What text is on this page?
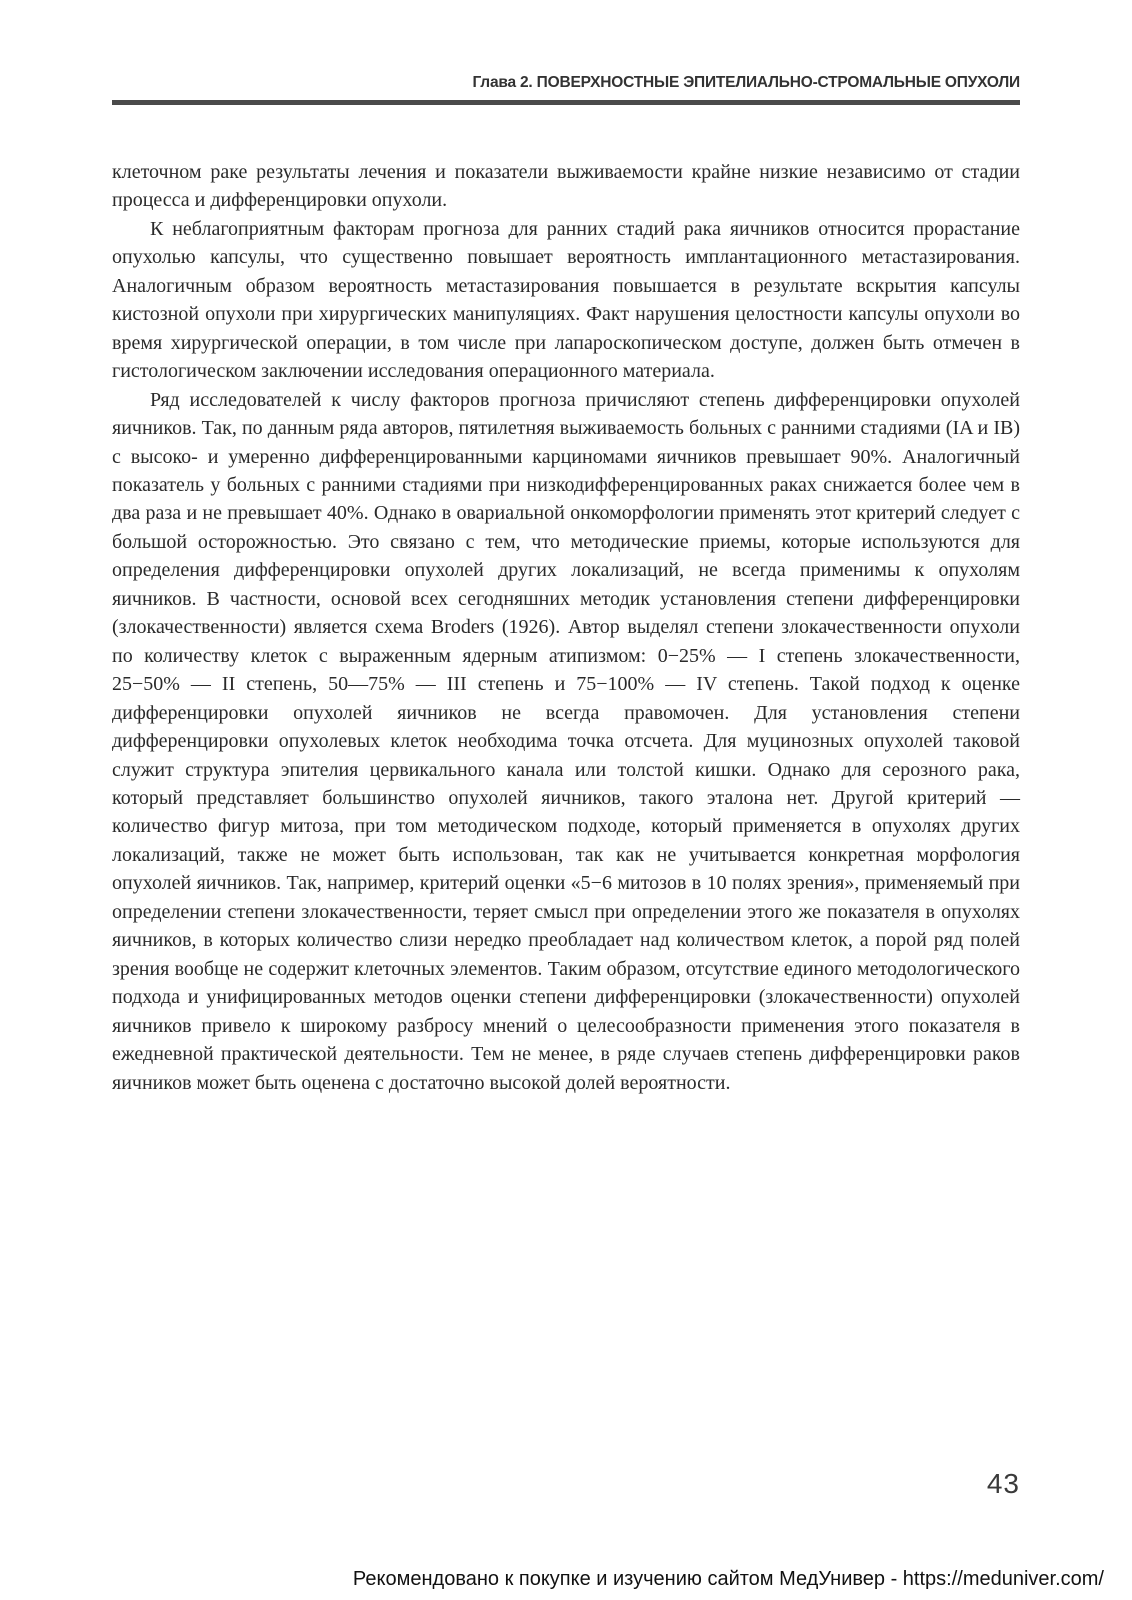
Глава 2. ПОВЕРХНОСТНЫЕ ЭПИТЕЛИАЛЬНО-СТРОМАЛЬНЫЕ ОПУХОЛИ

клеточном раке результаты лечения и показатели выживаемости крайне низкие независимо от стадии процесса и дифференцировки опухоли.

К неблагоприятным факторам прогноза для ранних стадий рака яичников относится прорастание опухолью капсулы, что существенно повышает вероятность имплантационного метастазирования. Аналогичным образом вероятность метастазирования повышается в результате вскрытия капсулы кистозной опухоли при хирургических манипуляциях. Факт нарушения целостности капсулы опухоли во время хирургической операции, в том числе при лапароскопическом доступе, должен быть отмечен в гистологическом заключении исследования операционного материала.

Ряд исследователей к числу факторов прогноза причисляют степень дифференцировки опухолей яичников. Так, по данным ряда авторов, пятилетняя выживаемость больных с ранними стадиями (IA и IB) с высоко- и умеренно дифференцированными карциномами яичников превышает 90%. Аналогичный показатель у больных с ранними стадиями при низкодифференцированных раках снижается более чем в два раза и не превышает 40%. Однако в овариальной онкоморфологии применять этот критерий следует с большой осторожностью. Это связано с тем, что методические приемы, которые используются для определения дифференцировки опухолей других локализаций, не всегда применимы к опухолям яичников. В частности, основой всех сегодняшних методик установления степени дифференцировки (злокачественности) является схема Broders (1926). Автор выделял степени злокачественности опухоли по количеству клеток с выраженным ядерным атипизмом: 0−25% — I степень злокачественности, 25−50% — II степень, 50—75% — III степень и 75−100% — IV степень. Такой подход к оценке дифференцировки опухолей яичников не всегда правомочен. Для установления степени дифференцировки опухолевых клеток необходима точка отсчета. Для муцинозных опухолей таковой служит структура эпителия цервикального канала или толстой кишки. Однако для серозного рака, который представляет большинство опухолей яичников, такого эталона нет. Другой критерий — количество фигур митоза, при том методическом подходе, который применяется в опухолях других локализаций, также не может быть использован, так как не учитывается конкретная морфология опухолей яичников. Так, например, критерий оценки «5−6 митозов в 10 полях зрения», применяемый при определении степени злокачественности, теряет смысл при определении этого же показателя в опухолях яичников, в которых количество слизи нередко преобладает над количеством клеток, а порой ряд полей зрения вообще не содержит клеточных элементов. Таким образом, отсутствие единого методологического подхода и унифицированных методов оценки степени дифференцировки (злокачественности) опухолей яичников привело к широкому разбросу мнений о целесообразности применения этого показателя в ежедневной практической деятельности. Тем не менее, в ряде случаев степень дифференцировки раков яичников может быть оценена с достаточно высокой долей вероятности.

43
Рекомендовано к покупке и изучению сайтом МедУнивер - https://meduniver.com/
